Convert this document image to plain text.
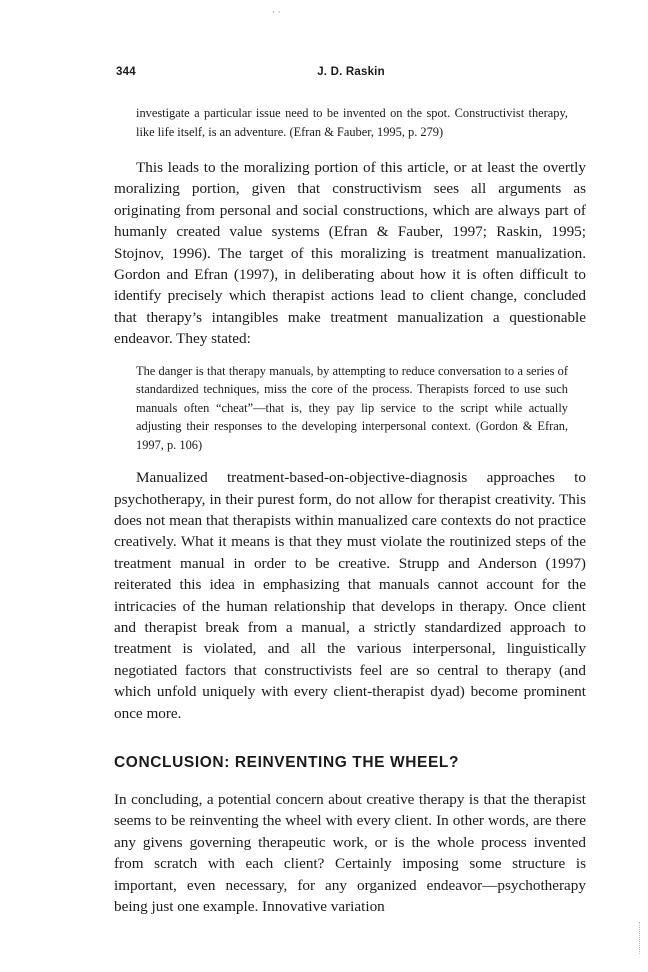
· ·
344	J. D. Raskin

investigate a particular issue need to be invented on the spot. Constructivist therapy, like life itself, is an adventure. (Efran & Fauber, 1995, p. 279)

This leads to the moralizing portion of this article, or at least the overtly moralizing portion, given that constructivism sees all arguments as originating from personal and social constructions, which are always part of humanly created value systems (Efran & Fauber, 1997; Raskin, 1995; Stojnov, 1996). The target of this moralizing is treatment manualization. Gordon and Efran (1997), in deliberating about how it is often difficult to identify precisely which therapist actions lead to client change, concluded that therapy’s intangibles make treatment manualization a questionable endeavor. They stated:

The danger is that therapy manuals, by attempting to reduce conversation to a series of standardized techniques, miss the core of the process. Therapists forced to use such manuals often “cheat”—that is, they pay lip service to the script while actually adjusting their responses to the developing interpersonal context. (Gordon & Efran, 1997, p. 106)

Manualized treatment-based-on-objective-diagnosis approaches to psychotherapy, in their purest form, do not allow for therapist creativity. This does not mean that therapists within manualized care contexts do not practice creatively. What it means is that they must violate the routinized steps of the treatment manual in order to be creative. Strupp and Anderson (1997) reiterated this idea in emphasizing that manuals cannot account for the intricacies of the human relationship that develops in therapy. Once client and therapist break from a manual, a strictly standardized approach to treatment is violated, and all the various interpersonal, linguistically negotiated factors that constructivists feel are so central to therapy (and which unfold uniquely with every client-therapist dyad) become prominent once more.

CONCLUSION: REINVENTING THE WHEEL?

In concluding, a potential concern about creative therapy is that the therapist seems to be reinventing the wheel with every client. In other words, are there any givens governing therapeutic work, or is the whole process invented from scratch with each client? Certainly imposing some structure is important, even necessary, for any organized endeavor—psychotherapy being just one example. Innovative variation
